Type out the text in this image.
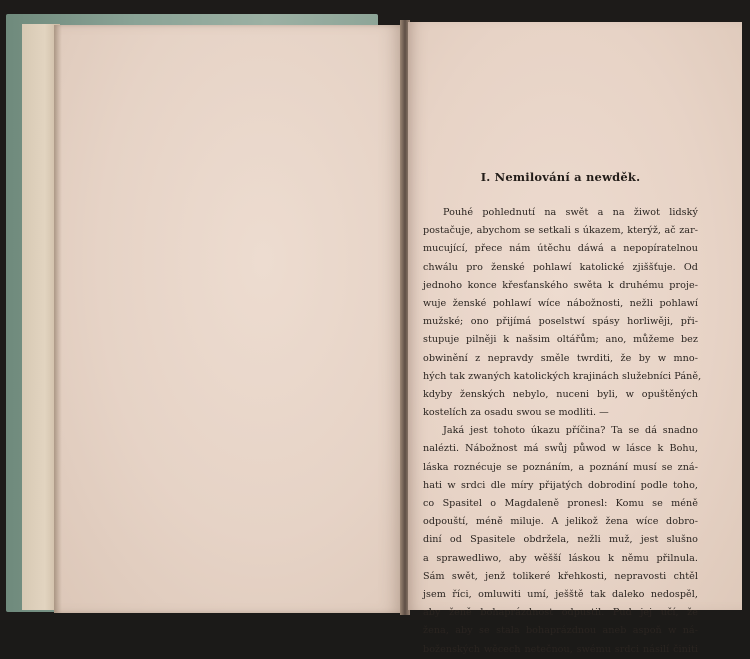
I. Nemilování a newděk.
Pouhé pohlednutí na swět a na žiwot lidský
postačuje, abychom se setkali s úkazem, kterýž, ač zar-
mucující, přece nám útěchu dáwá a nepopíratelnou
chwálu pro ženské pohlawí katolické zjiššťuje. Od
jednoho konce křesťanského swěta k druhému proje-
wuje ženské pohlawí wíce nábožnosti, nežli pohlawí
mužské; ono přijímá poselstwí spásy horliwěji, při-
stupuje pilněji k našsim oltářům; ano, můžeme bez
obwinění z nepravdy směle twrditi, že by w mno-
hých tak zwaných katolických krajinách služebníci Páně,
kdyby ženských nebylo, nuceni byli, w opuštěných
kostelích za osadu swou se modliti. —
Jaká jest tohoto úkazu příčina? Ta se dá snadno
nalézti. Nábožnost má swůj půwod w lásce k Bohu,
láska roznécuje se poznáním, a poznání musí se zná-
hati w srdci dle míry přijatých dobrodiní podle toho,
co Spasitel o Magdaleně pronesl: Komu se méně
odpouští, méně miluje. A jelikož žena wíce dobro-
diní od Spasitele obdržela, nežli muž, jest slušno
a sprawedliwo, aby wěšší láskou k němu přilnula.
Sám swět, jenž tolikeré křehkosti, nepravosti chtěl
jsem říci, omluwiti umí, ješště tak daleko nedospěl,
aby ženě bohaprázdnost odpustil. Pud jej učí, že
žena, aby se stala bohaprázdnou aneb aspoň w ná-
boženských wěcech netečnou, swému srdci násilí činiti
